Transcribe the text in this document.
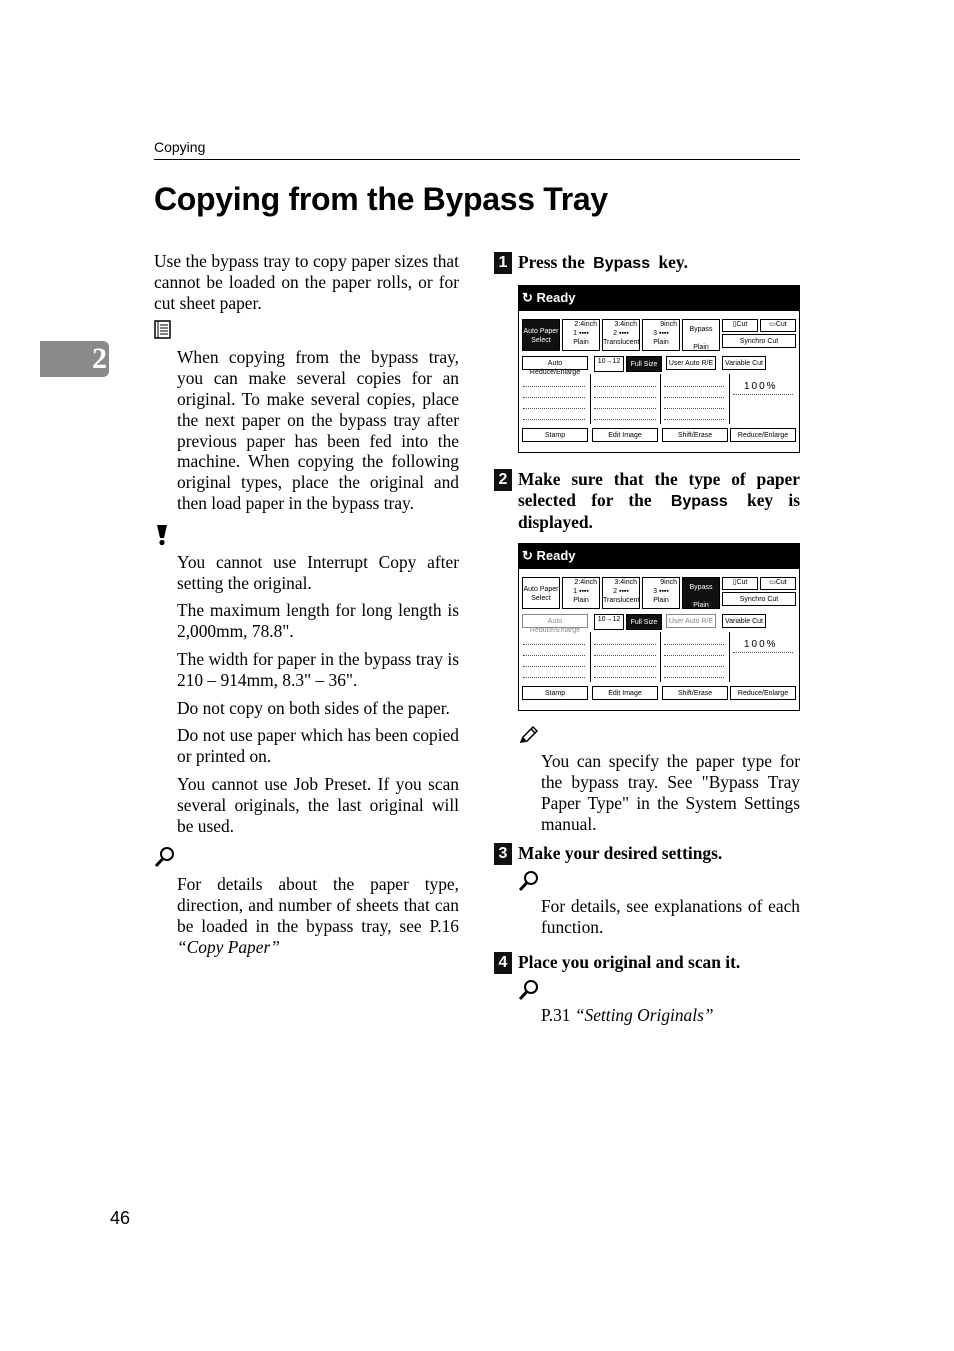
Copying
Copying from the Bypass Tray
2
46

Use the bypass tray to copy paper sizes that cannot be loaded on the paper rolls, or for cut sheet paper.

When copying from the bypass tray, you can make several copies for an original. To make several copies, place the next paper on the bypass tray after previous paper has been fed into the machine. When copying the following original types, place the original and then load paper in the bypass tray.

You cannot use Interrupt Copy after setting the original.

The maximum length for long length is 2,000mm, 78.8".

The width for paper in the bypass tray is 210 – 914mm, 8.3" – 36".

Do not copy on both sides of the paper.

Do not use paper which has been copied or printed on.

You cannot use Job Preset. If you scan several originals, the last original will be used.

For details about the paper type, direction, and number of sheets that can be loaded in the bypass tray, see P.16 “Copy Paper”

1 Press the Bypass key.
↻ Ready
Auto Paper Select
2:4inch
1 ▪▪▪▪
Plain
3:4inch
2 ▪▪▪▪
Translucent
9inch
3 ▪▪▪▪
Plain
Bypass

Plain
▯Cut	▭Cut
Synchro Cut
Auto Reduce/Enlarge
10→12	Full Size	User Auto R/E	Variable Cut
100%
Stamp	Edit Image	Shift/Erase	Reduce/Enlarge
2 Make sure that the type of paper selected for the Bypass key is displayed.
↻ Ready
Auto Paper Select
2:4inch
1 ▪▪▪▪
Plain
3:4inch
2 ▪▪▪▪
Translucent
9inch
3 ▪▪▪▪
Plain
Bypass

Plain
▯Cut	▭Cut
Synchro Cut
Auto Reduce/Enlarge
10→12	Full Size	User Auto R/E	Variable Cut
100%
Stamp	Edit Image	Shift/Erase	Reduce/Enlarge

You can specify the paper type for the bypass tray. See "Bypass Tray Paper Type" in the System Settings manual.

3 Make your desired settings.

For details, see explanations of each function.

4 Place you original and scan it.

P.31 “Setting Originals”
